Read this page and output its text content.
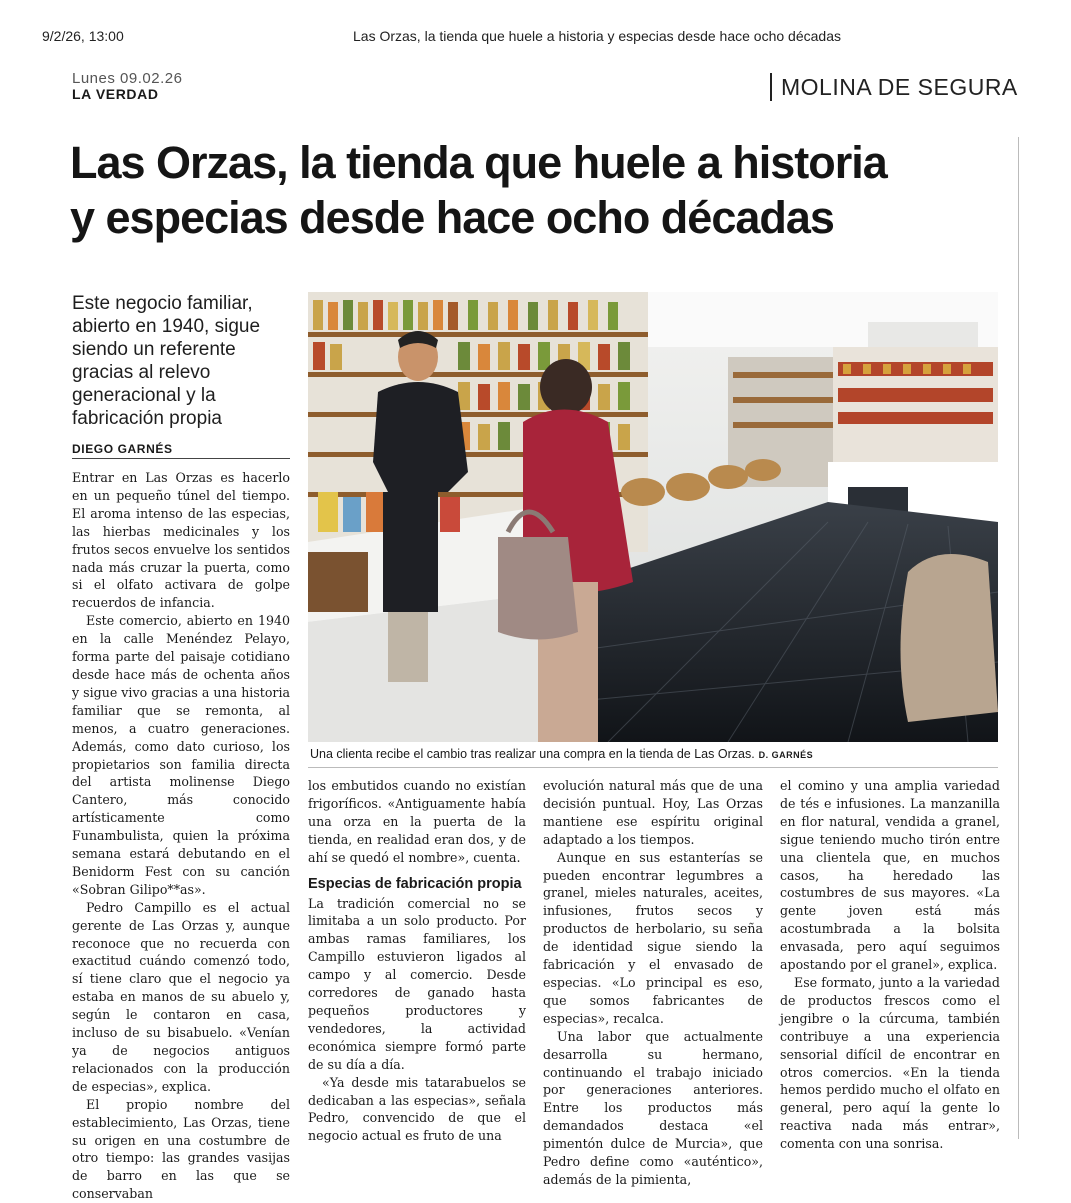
9/2/26, 13:00	Las Orzas, la tienda que huele a historia y especias desde hace ocho décadas
Lunes 09.02.26
LA VERDAD	MOLINA DE SEGURA
Las Orzas, la tienda que huele a historia
y especias desde hace ocho décadas

Este negocio familiar, abierto en 1940, sigue siendo un referente gracias al relevo generacional y la fabricación propia

DIEGO GARNÉS

Entrar en Las Orzas es hacerlo en un pequeño túnel del tiempo. El aroma intenso de las especias, las hierbas medicinales y los frutos secos envuelve los sentidos nada más cruzar la puerta, como si el olfato activara de golpe recuerdos de infancia.

Este comercio, abierto en 1940 en la calle Menéndez Pelayo, forma parte del paisaje cotidiano desde hace más de ochenta años y sigue vivo gracias a una historia familiar que se remonta, al menos, a cuatro generaciones. Además, como dato curioso, los propietarios son familia directa del artista molinense Diego Cantero, más conocido artísticamente como Funambulista, quien la próxima semana estará debutando en el Benidorm Fest con su canción «Sobran Gilipo**as».

Pedro Campillo es el actual gerente de Las Orzas y, aunque reconoce que no recuerda con exactitud cuándo comenzó todo, sí tiene claro que el negocio ya estaba en manos de su abuelo y, según le contaron en casa, incluso de su bisabuelo. «Venían ya de negocios antiguos relacionados con la producción de especias», explica.

El propio nombre del establecimiento, Las Orzas, tiene su origen en una costumbre de otro tiempo: las grandes vasijas de barro en las que se conservaban

Una clienta recibe el cambio tras realizar una compra en la tienda de Las Orzas. D. GARNÉS

los embutidos cuando no existían frigoríficos. «Antiguamente había una orza en la puerta de la tienda, en realidad eran dos, y de ahí se quedó el nombre», cuenta.

Especias de fabricación propia

La tradición comercial no se limitaba a un solo producto. Por ambas ramas familiares, los Campillo estuvieron ligados al campo y al comercio. Desde corredores de ganado hasta pequeños productores y vendedores, la actividad económica siempre formó parte de su día a día.

«Ya desde mis tatarabuelos se dedicaban a las especias», señala Pedro, convencido de que el negocio actual es fruto de una

evolución natural más que de una decisión puntual. Hoy, Las Orzas mantiene ese espíritu original adaptado a los tiempos.

Aunque en sus estanterías se pueden encontrar legumbres a granel, mieles naturales, aceites, infusiones, frutos secos y productos de herbolario, su seña de identidad sigue siendo la fabricación y el envasado de especias. «Lo principal es eso, que somos fabricantes de especias», recalca.

Una labor que actualmente desarrolla su hermano, continuando el trabajo iniciado por generaciones anteriores. Entre los productos más demandados destaca «el pimentón dulce de Murcia», que Pedro define como «auténtico», además de la pimienta,

el comino y una amplia variedad de tés e infusiones. La manzanilla en flor natural, vendida a granel, sigue teniendo mucho tirón entre una clientela que, en muchos casos, ha heredado las costumbres de sus mayores. «La gente joven está más acostumbrada a la bolsita envasada, pero aquí seguimos apostando por el granel», explica.

Ese formato, junto a la variedad de productos frescos como el jengibre o la cúrcuma, también contribuye a una experiencia sensorial difícil de encontrar en otros comercios. «En la tienda hemos perdido mucho el olfato en general, pero aquí la gente lo reactiva nada más entrar», comenta con una sonrisa.
